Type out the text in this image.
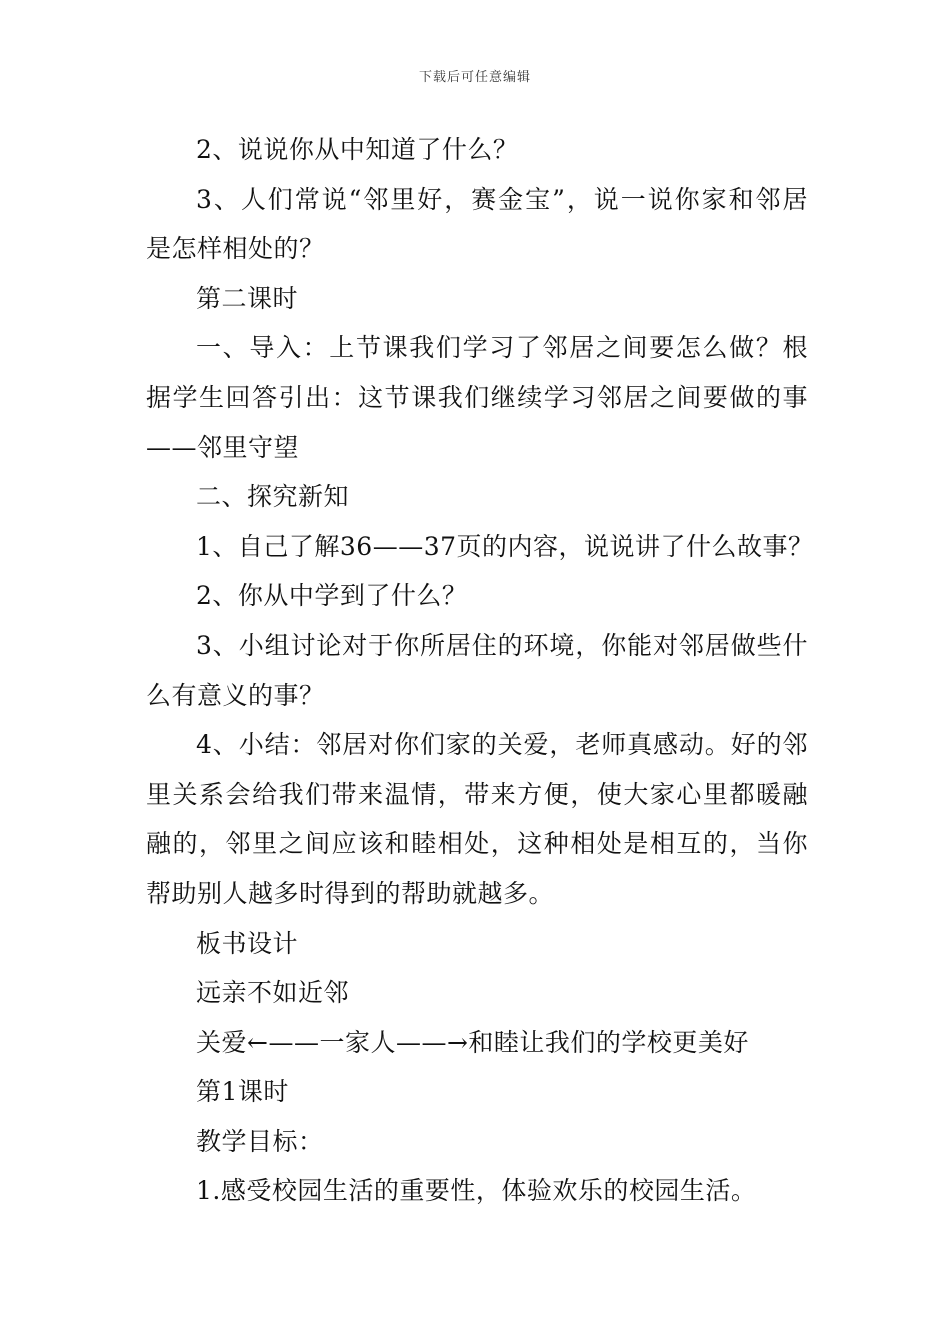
下载后可任意编辑
2、说说你从中知道了什么？
3、人们常说“邻里好，赛金宝”，说一说你家和邻居
是怎样相处的？
第二课时
一、导入：上节课我们学习了邻居之间要怎么做？根
据学生回答引出：这节课我们继续学习邻居之间要做的事
——邻里守望
二、探究新知
1、自己了解36——37页的内容，说说讲了什么故事？
2、你从中学到了什么？
3、小组讨论对于你所居住的环境，你能对邻居做些什
么有意义的事？
4、小结：邻居对你们家的关爱，老师真感动。好的邻
里关系会给我们带来温情，带来方便，使大家心里都暖融
融的，邻里之间应该和睦相处，这种相处是相互的，当你
帮助别人越多时得到的帮助就越多。
板书设计
远亲不如近邻
关爱←——一家人——→和睦让我们的学校更美好
第1课时
教学目标：
1.感受校园生活的重要性，体验欢乐的校园生活。
